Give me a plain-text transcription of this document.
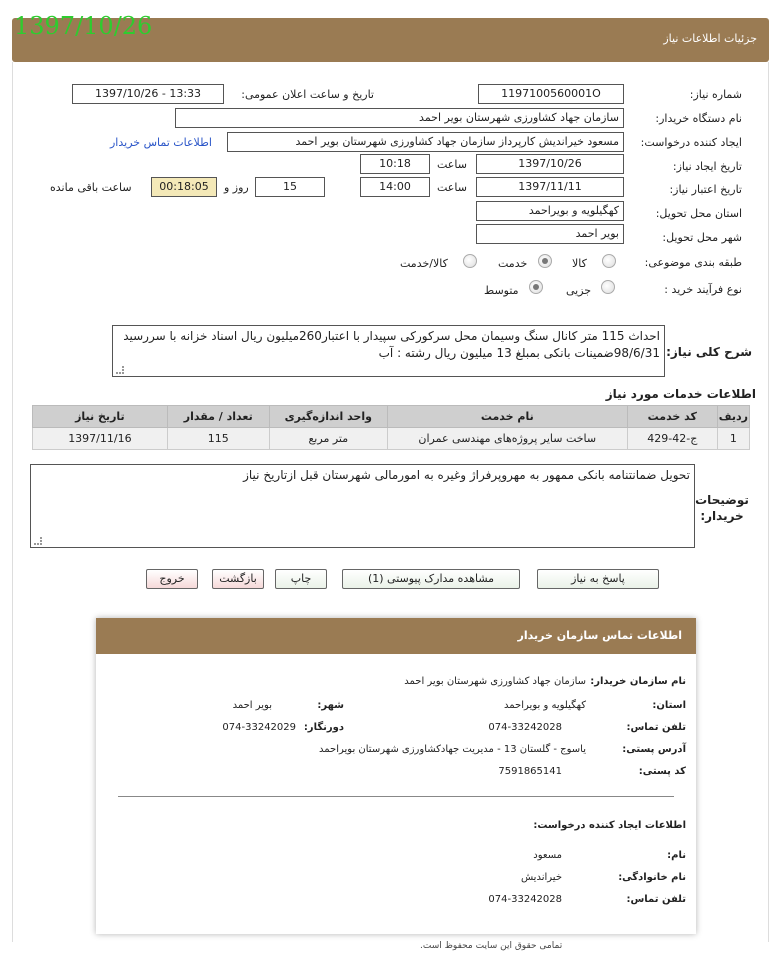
جزئیات اطلاعات نیاز
1397/10/26
شماره نیاز:
1197100560001O
تاریخ و ساعت اعلان عمومی:
1397/10/26 - 13:33
نام دستگاه خریدار:
سازمان جهاد کشاورزی شهرستان بویر احمد
ایجاد کننده درخواست:
مسعود خیراندیش کارپرداز سازمان جهاد کشاورزی شهرستان بویر احمد
اطلاعات تماس خریدار
تاریخ ایجاد نیاز:
1397/10/26
ساعت
10:18
تاریخ اعتبار نیاز:
1397/11/11
ساعت
14:00
15
روز و
00:18:05
ساعت باقی مانده
استان محل تحویل:
کهگیلویه و بویراحمد
شهر محل تحویل:
بویر احمد
طبقه بندی موضوعی:
کالا
خدمت
کالا/خدمت
نوع فرآیند خرید :
جزیی
متوسط
شرح کلی نیاز:
احداث 115 متر کانال سنگ وسیمان محل سرکورکی سپیدار با اعتبار260میلیون ریال اسناد خزانه با سررسید 98/6/31ضمینات بانکی بمبلغ 13 میلیون ریال رشته : آب
اطلاعات خدمات مورد نیاز
ردیف	کد خدمت	نام خدمت	واحد اندازه‌گیری	تعداد / مقدار	تاریخ نیاز
1	ج-42-429	ساخت سایر پروژه‌های مهندسی عمران	متر مربع	115	1397/11/16
توضیحات خریدار:
تحویل ضمانتنامه بانکی ممهور به مهروپرفراژ وغیره به امورمالی شهرستان قبل ازتاریخ نیاز
پاسخ به نیاز
مشاهده مدارک پیوستی (1)
چاپ
بازگشت
خروج
اطلاعات تماس سازمان خریدار
نام سازمان خریدار:
سازمان جهاد کشاورزی شهرستان بویر احمد
استان:
کهگیلویه و بویراحمد
شهر:
بویر احمد
تلفن تماس:
074-33242028
دورنگار:
074-33242029
آدرس پستی:
یاسوج - گلستان 13 - مدیریت جهادکشاورزی شهرستان بویراحمد
کد پستی:
7591865141
اطلاعات ایجاد کننده درخواست:
نام:
مسعود
نام خانوادگی:
خیراندیش
تلفن تماس:
074-33242028
تمامی حقوق این سایت محفوظ است.
